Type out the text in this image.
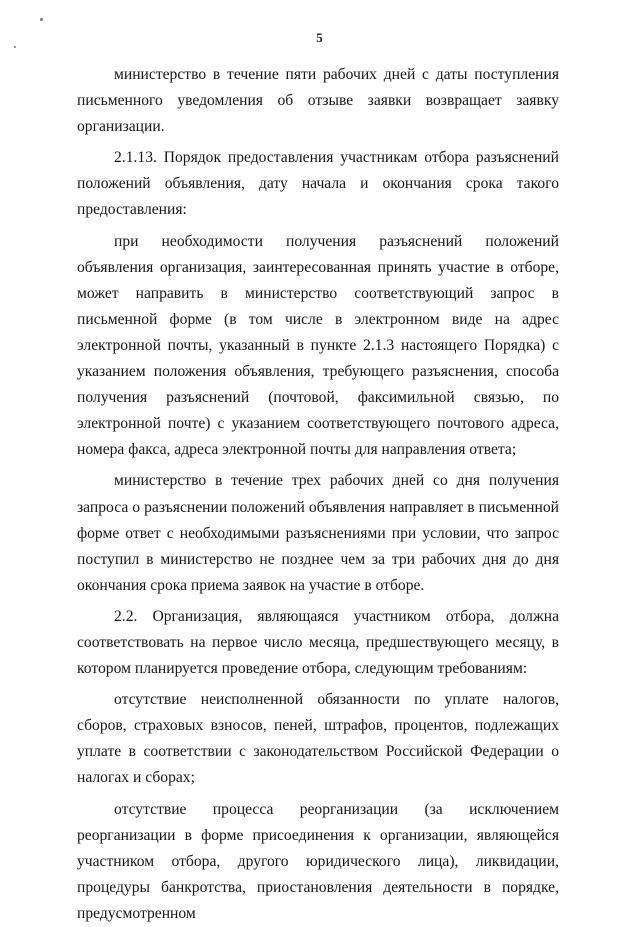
5

министерство в течение пяти рабочих дней с даты поступления письменного уведомления об отзыве заявки возвращает заявку организации.

2.1.13. Порядок предоставления участникам отбора разъяснений положений объявления, дату начала и окончания срока такого предоставления:

при необходимости получения разъяснений положений объявления организация, заинтересованная принять участие в отборе, может направить в министерство соответствующий запрос в письменной форме (в том числе в электронном виде на адрес электронной почты, указанный в пункте 2.1.3 настоящего Порядка) с указанием положения объявления, требующего разъяснения, способа получения разъяснений (почтовой, факсимильной связью, по электронной почте) с указанием соответствующего почтового адреса, номера факса, адреса электронной почты для направления ответа;

министерство в течение трех рабочих дней со дня получения запроса о разъяснении положений объявления направляет в письменной форме ответ с необходимыми разъяснениями при условии, что запрос поступил в министерство не позднее чем за три рабочих дня до дня окончания срока приема заявок на участие в отборе.

2.2. Организация, являющаяся участником отбора, должна соответствовать на первое число месяца, предшествующего месяцу, в котором планируется проведение отбора, следующим требованиям:

отсутствие неисполненной обязанности по уплате налогов, сборов, страховых взносов, пеней, штрафов, процентов, подлежащих уплате в соответствии с законодательством Российской Федерации о налогах и сборах;

отсутствие процесса реорганизации (за исключением реорганизации в форме присоединения к организации, являющейся участником отбора, другого юридического лица), ликвидации, процедуры банкротства, приостановления деятельности в порядке, предусмотренном
